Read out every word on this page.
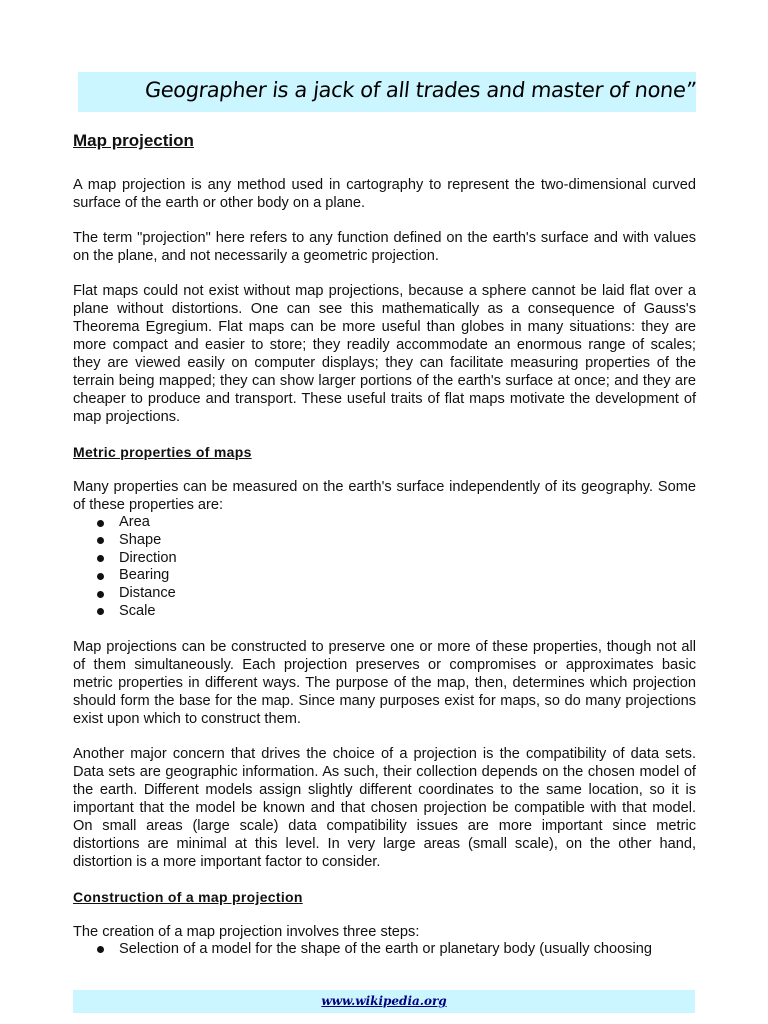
Geographer is a jack of all trades and master of none”
Map projection

A map projection is any method used in cartography to represent the two-dimensional curved surface of the earth or other body on a plane.

The term "projection" here refers to any function defined on the earth's surface and with values on the plane, and not necessarily a geometric projection.

Flat maps could not exist without map projections, because a sphere cannot be laid flat over a plane without distortions. One can see this mathematically as a consequence of Gauss's Theorema Egregium. Flat maps can be more useful than globes in many situations: they are more compact and easier to store; they readily accommodate an enormous range of scales; they are viewed easily on computer displays; they can facilitate measuring properties of the terrain being mapped; they can show larger portions of the earth's surface at once; and they are cheaper to produce and transport. These useful traits of flat maps motivate the development of map projections.

Metric properties of maps

Many properties can be measured on the earth's surface independently of its geography. Some of these properties are:

Area
Shape
Direction
Bearing
Distance
Scale

Map projections can be constructed to preserve one or more of these properties, though not all of them simultaneously. Each projection preserves or compromises or approximates basic metric properties in different ways. The purpose of the map, then, determines which projection should form the base for the map. Since many purposes exist for maps, so do many projections exist upon which to construct them.

Another major concern that drives the choice of a projection is the compatibility of data sets. Data sets are geographic information. As such, their collection depends on the chosen model of the earth. Different models assign slightly different coordinates to the same location, so it is important that the model be known and that chosen projection be compatible with that model. On small areas (large scale) data compatibility issues are more important since metric distortions are minimal at this level. In very large areas (small scale), on the other hand, distortion is a more important factor to consider.

Construction of a map projection

The creation of a map projection involves three steps:

Selection of a model for the shape of the earth or planetary body (usually choosing
www.wikipedia.org
